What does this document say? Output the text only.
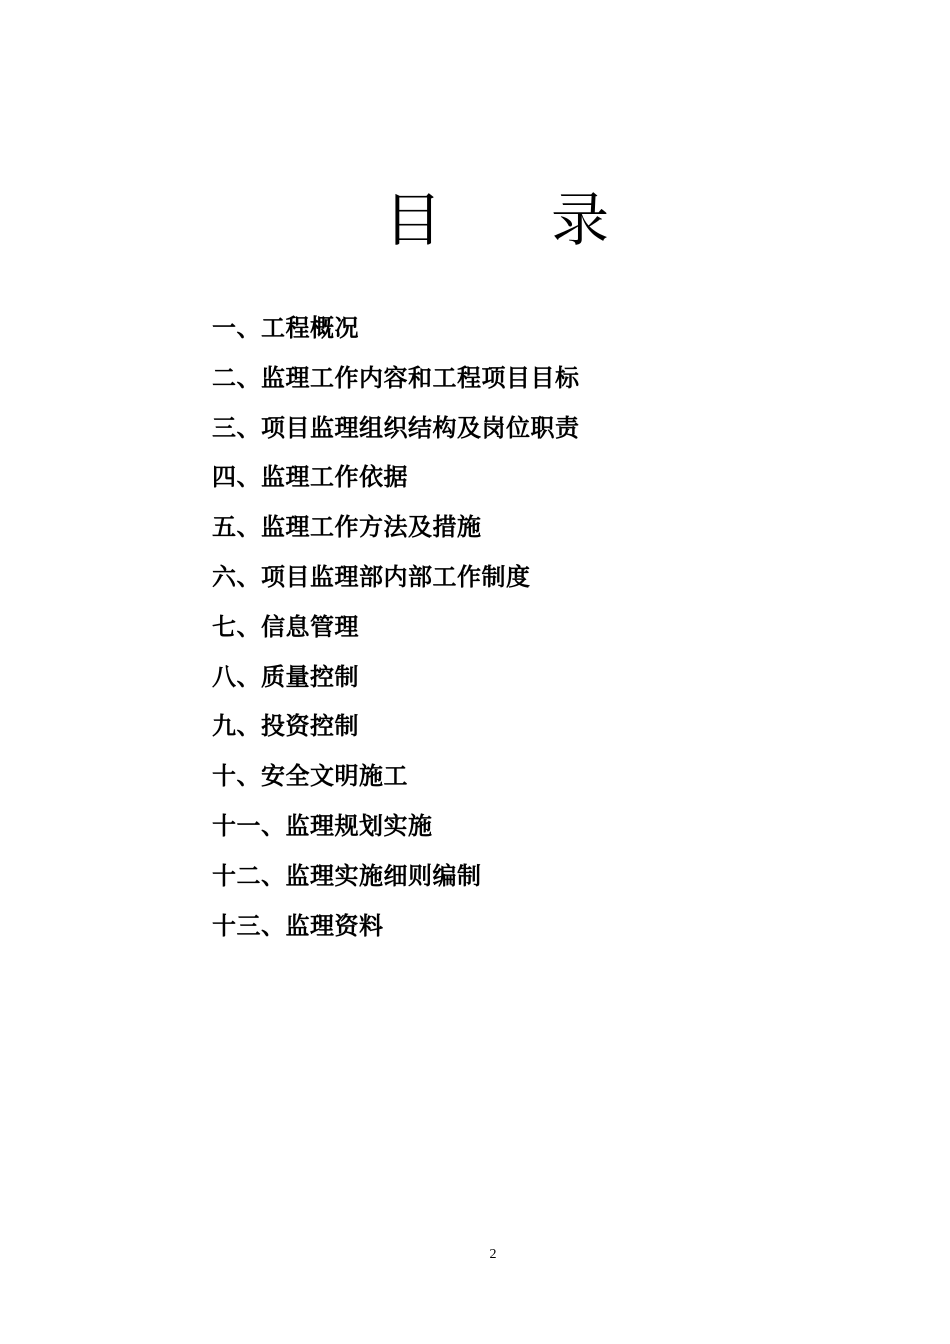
目 录
一、工程概况
二、监理工作内容和工程项目目标
三、项目监理组织结构及岗位职责
四、监理工作依据
五、监理工作方法及措施
六、项目监理部内部工作制度
七、信息管理
八、质量控制
九、投资控制
十、安全文明施工
十一、监理规划实施
十二、监理实施细则编制
十三、监理资料
2
